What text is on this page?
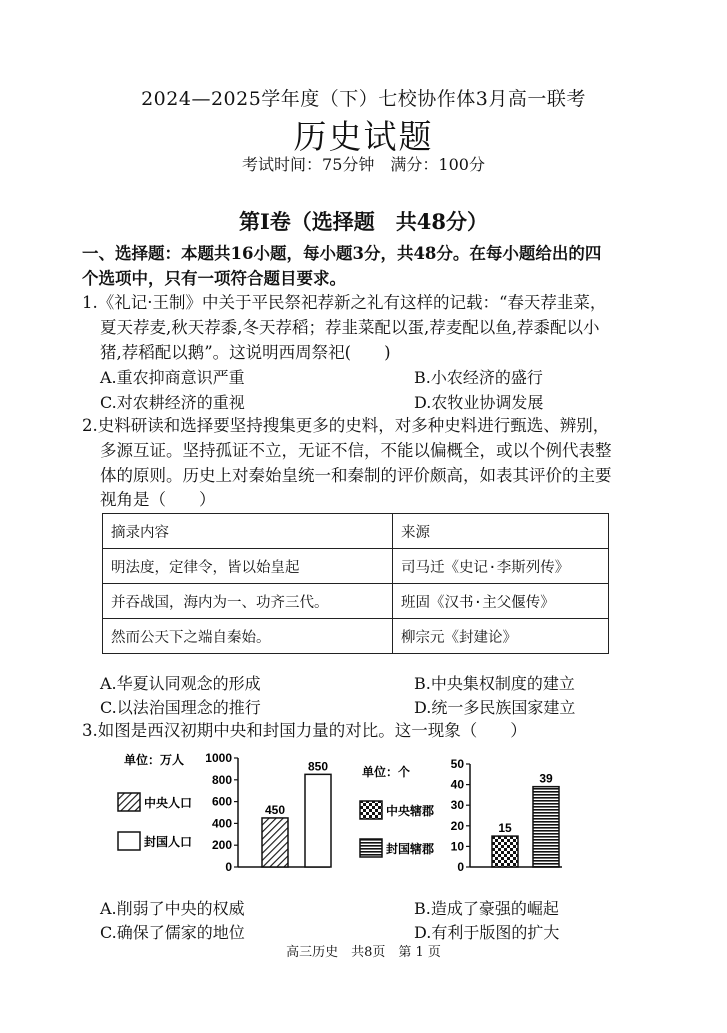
2024—2025学年度（下）七校协作体3月高一联考
历史试题
考试时间：75分钟　满分：100分
第Ⅰ卷（选择题　共48分）
一、选择题：本题共16小题，每小题3分，共48分。在每小题给出的四
个选项中，只有一项符合题目要求。
1.《礼记·王制》中关于平民祭祀荐新之礼有这样的记载：“春天荐韭菜，
夏天荐麦,秋天荐黍,冬天荐稻；荐韭菜配以蛋,荐麦配以鱼,荐黍配以小
猪,荐稻配以鹅”。这说明西周祭祀(　　)
A.重农抑商意识严重	B.小农经济的盛行
C.对农耕经济的重视	D.农牧业协调发展
2.史料研读和选择要坚持搜集更多的史料，对多种史料进行甄选、辨别，
多源互证。坚持孤证不立，无证不信，不能以偏概全，或以个例代表整
体的原则。历史上对秦始皇统一和秦制的评价颇高，如表其评价的主要
视角是（　　）
摘录内容	来源
明法度，定律令，皆以始皇起	司马迁《史记·李斯列传》
并吞战国，海内为一、功齐三代。	班固《汉书·主父偃传》
然而公天下之端自秦始。	柳宗元《封建论》
A.华夏认同观念的形成	B.中央集权制度的建立
C.以法治国理念的推行	D.统一多民族国家建立
3.如图是西汉初期中央和封国力量的对比。这一现象（　　）
0
200
400
600
800
1000
450
850
单位：万人
中央人口
封国人口
0
10
20
30
40
50
15
39
单位：个
中央辖郡
封国辖郡
A.削弱了中央的权威	B.造成了豪强的崛起
C.确保了儒家的地位	D.有利于版图的扩大
高三历史　共8页　第 1 页
